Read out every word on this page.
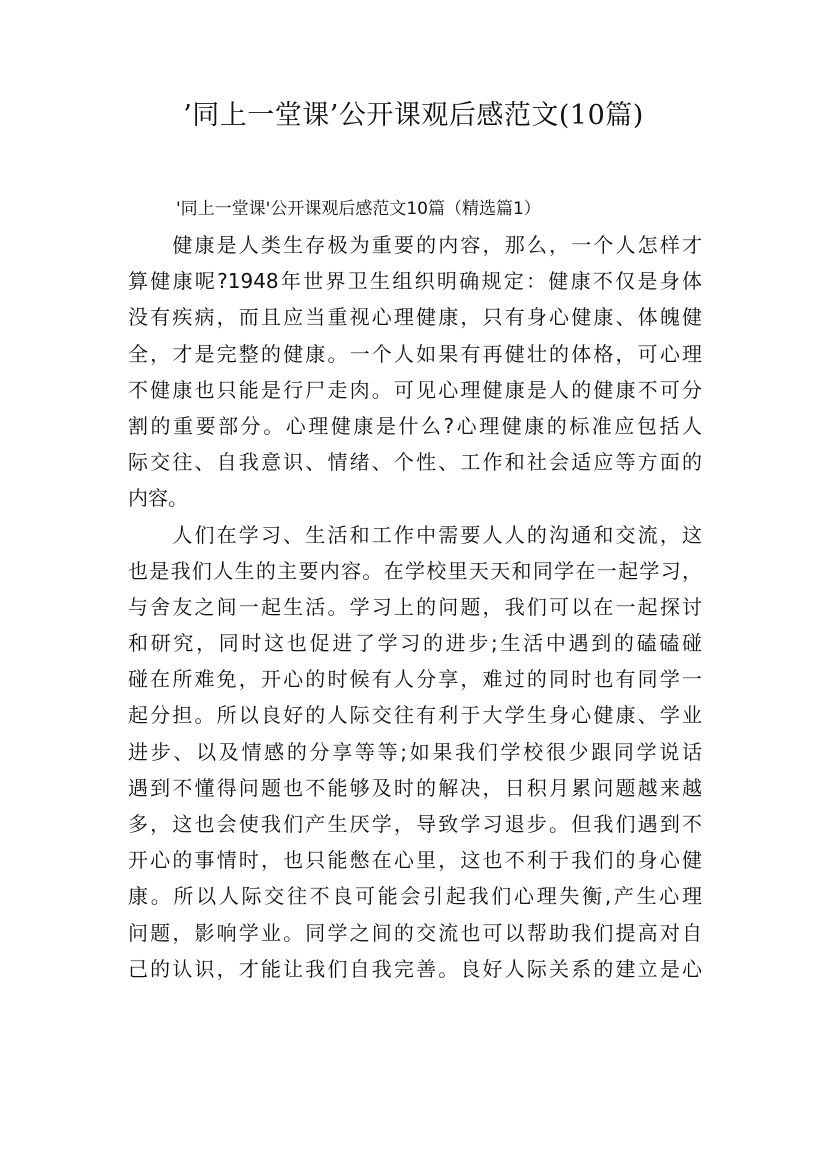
’同上一堂课’公开课观后感范文(10篇)
'同上一堂课'公开课观后感范文10篇（精选篇1）
　　健康是人类生存极为重要的内容，那么，一个人怎样才
算健康呢?1948年世界卫生组织明确规定：健康不仅是身体
没有疾病，而且应当重视心理健康，只有身心健康、体魄健
全，才是完整的健康。一个人如果有再健壮的体格，可心理
不健康也只能是行尸走肉。可见心理健康是人的健康不可分
割的重要部分。心理健康是什么?心理健康的标准应包括人
际交往、自我意识、情绪、个性、工作和社会适应等方面的
内容。
　　人们在学习、生活和工作中需要人人的沟通和交流，这
也是我们人生的主要内容。在学校里天天和同学在一起学习，
与舍友之间一起生活。学习上的问题，我们可以在一起探讨
和研究，同时这也促进了学习的进步;生活中遇到的磕磕碰
碰在所难免，开心的时候有人分享，难过的同时也有同学一
起分担。所以良好的人际交往有利于大学生身心健康、学业
进步、以及情感的分享等等;如果我们学校很少跟同学说话
遇到不懂得问题也不能够及时的解决，日积月累问题越来越
多，这也会使我们产生厌学，导致学习退步。但我们遇到不
开心的事情时，也只能憋在心里，这也不利于我们的身心健
康。所以人际交往不良可能会引起我们心理失衡,产生心理
问题，影响学业。同学之间的交流也可以帮助我们提高对自
己的认识，才能让我们自我完善。良好人际关系的建立是心
